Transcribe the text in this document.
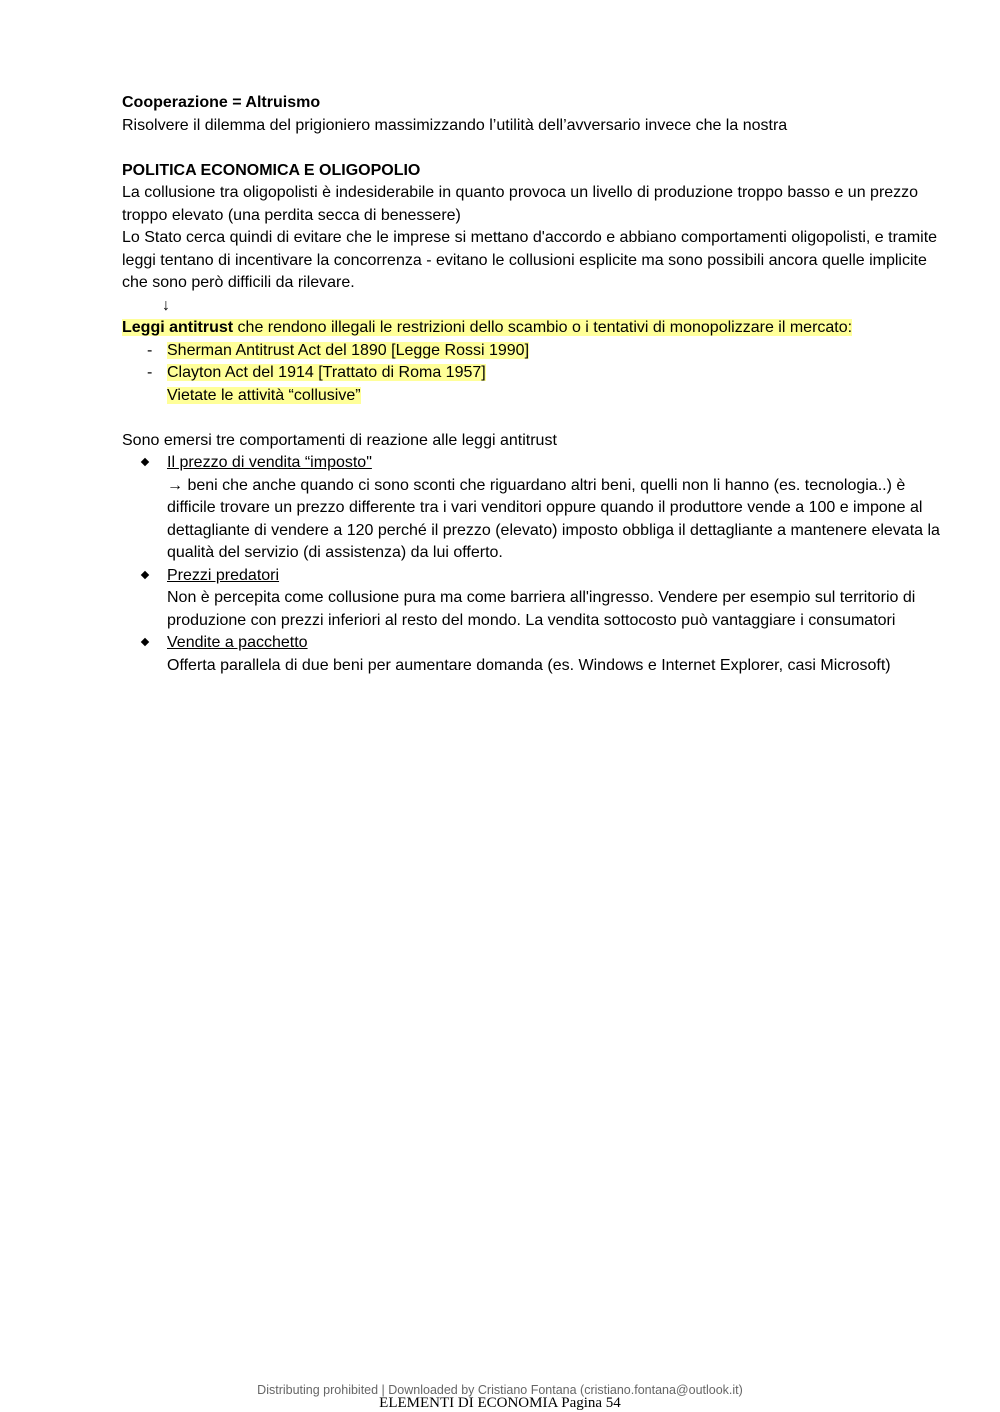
Cooperazione = Altruismo
Risolvere il dilemma del prigioniero massimizzando l’utilità dell’avversario invece che la nostra
POLITICA ECONOMICA E OLIGOPOLIO
La collusione tra oligopolisti è indesiderabile in quanto provoca un livello di produzione troppo basso e un prezzo troppo elevato (una perdita secca di benessere)
Lo Stato cerca quindi di evitare che le imprese si mettano d'accordo e abbiano comportamenti oligopolisti, e tramite leggi tentano di incentivare la concorrenza - evitano le collusioni esplicite ma sono possibili ancora quelle implicite che sono però difficili da rilevare.
↓
Leggi antitrust che rendono illegali le restrizioni dello scambio o i tentativi di monopolizzare il mercato:
- Sherman Antitrust Act del 1890 [Legge Rossi 1990]
- Clayton Act del 1914 [Trattato di Roma 1957]
Vietate le attività “collusive”
Sono emersi tre comportamenti di reazione alle leggi antitrust
Il prezzo di vendita “imposto"
→ beni che anche quando ci sono sconti che riguardano altri beni, quelli non li hanno (es. tecnologia..) è difficile trovare un prezzo differente tra i vari venditori oppure quando il produttore vende a 100 e impone al dettagliante di vendere a 120 perché il prezzo (elevato) imposto obbliga il dettagliante a mantenere elevata la qualità del servizio (di assistenza) da lui offerto.
Prezzi predatori
Non è percepita come collusione pura ma come barriera all'ingresso. Vendere per esempio sul territorio di produzione con prezzi inferiori al resto del mondo. La vendita sottocosto può vantaggiare i consumatori
Vendite a pacchetto
Offerta parallela di due beni per aumentare domanda (es. Windows e Internet Explorer, casi Microsoft)
Distributing prohibited | Downloaded by Cristiano Fontana (cristiano.fontana@outlook.it)
ELEMENTI DI ECONOMIA Pagina 54
